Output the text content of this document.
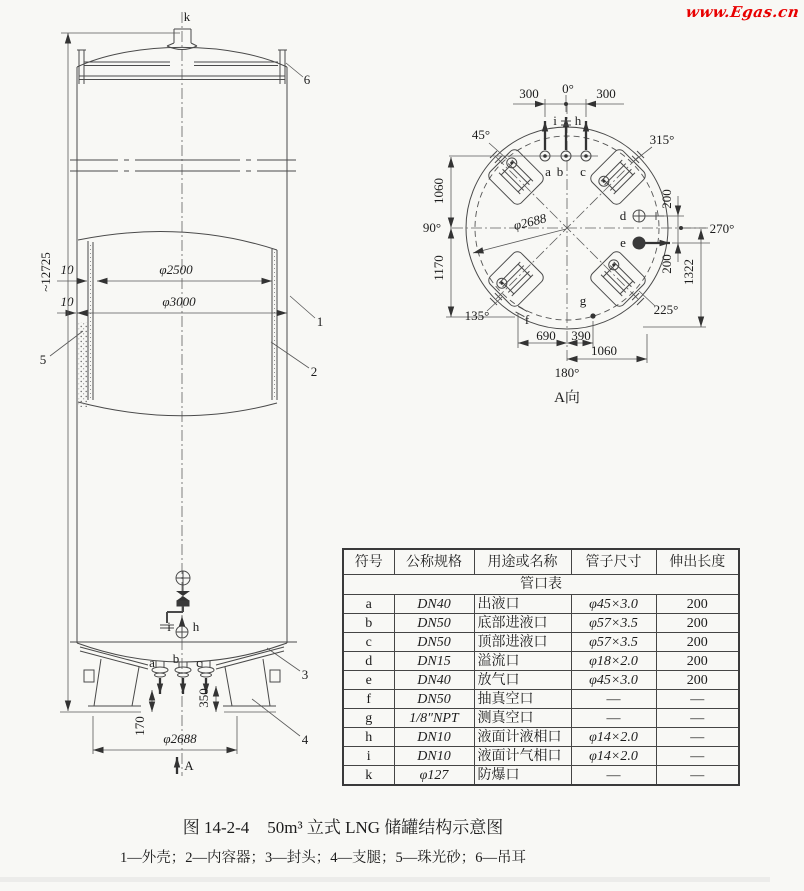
www.Egas.cn
10	φ2500
10	φ3000
~12725
5
1
2
6
3
4
k
a b c
i h
350
170
φ2688
A
a b c
i h
300 0° 300
1060
1170
90°
45°	315°
135°	225°
180°
270°
φ2688	d
e
200
200 1322
f
g
690 390
1060
A向
管口表				
符号	公称规格	用途或名称	管子尺寸	伸出长度
a	DN40	出液口	φ45×3.0	200
b	DN50	底部进液口	φ57×3.5	200
c	DN50	顶部进液口	φ57×3.5	200
d	DN15	溢流口	φ18×2.0	200
e	DN40	放气口	φ45×3.0	200
f	DN50	抽真空口	—	—
g	1/8″NPT	测真空口	—	—
h	DN10	液面计液相口	φ14×2.0	—
i	DN10	液面计气相口	φ14×2.0	—
k	φ127	防爆口	—	—
图 14-2-4 50m³ 立式 LNG 储罐结构示意图
1—外壳；2—内容器；3—封头；4—支腿；5—珠光砂；6—吊耳
